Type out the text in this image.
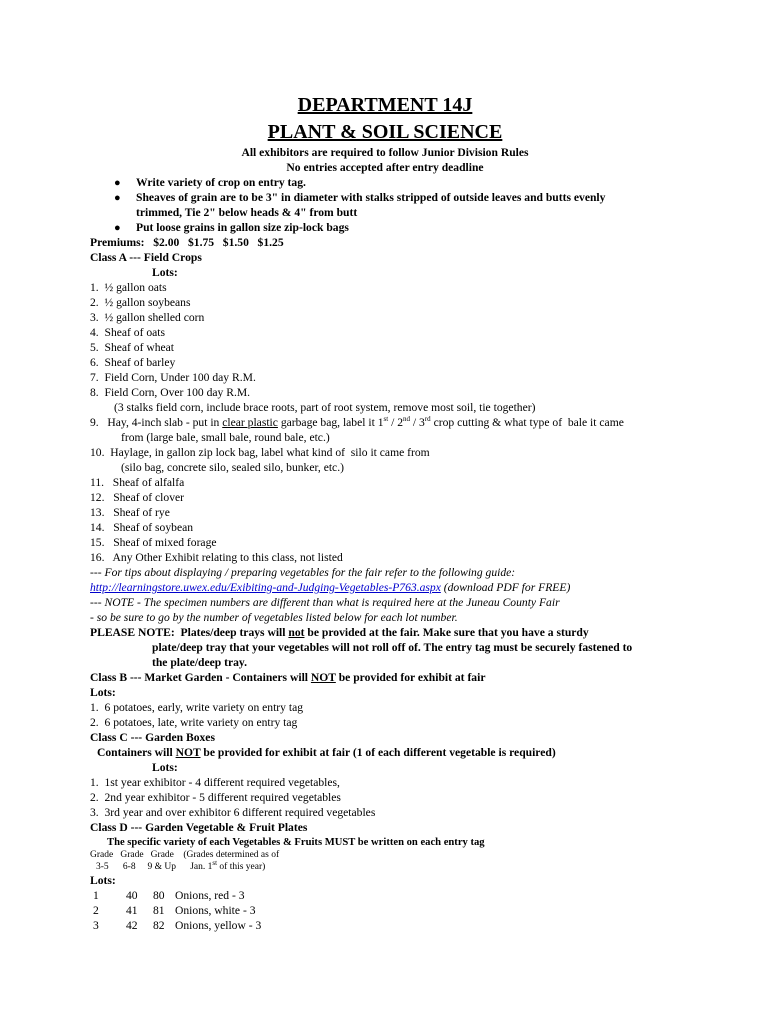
DEPARTMENT 14J
PLANT & SOIL SCIENCE
All exhibitors are required to follow Junior Division Rules
No entries accepted after entry deadline
● Write variety of crop on entry tag.
● Sheaves of grain are to be 3" in diameter with stalks stripped of outside leaves and butts evenly
trimmed, Tie 2" below heads & 4" from butt
● Put loose grains in gallon size zip-lock bags
Premiums:   $2.00   $1.75   $1.50   $1.25
Class A --- Field Crops
Lots:
1.  ½ gallon oats
2.  ½ gallon soybeans
3.  ½ gallon shelled corn
4.  Sheaf of oats
5.  Sheaf of wheat
6.  Sheaf of barley
7.  Field Corn, Under 100 day R.M.
8.  Field Corn, Over 100 day R.M.
(3 stalks field corn, include brace roots, part of root system, remove most soil, tie together)
9.   Hay, 4-inch slab - put in clear plastic garbage bag, label it 1st / 2nd / 3rd crop cutting & what type of  bale it came
from (large bale, small bale, round bale, etc.)
10.  Haylage, in gallon zip lock bag, label what kind of  silo it came from
(silo bag, concrete silo, sealed silo, bunker, etc.)
11.   Sheaf of alfalfa
12.   Sheaf of clover
13.   Sheaf of rye
14.   Sheaf of soybean
15.   Sheaf of mixed forage
16.   Any Other Exhibit relating to this class, not listed
--- For tips about displaying / preparing vegetables for the fair refer to the following guide:
http://learningstore.uwex.edu/Exibiting-and-Judging-Vegetables-P763.aspx (download PDF for FREE)
--- NOTE - The specimen numbers are different than what is required here at the Juneau County Fair
- so be sure to go by the number of vegetables listed below for each lot number.
PLEASE NOTE:  Plates/deep trays will not be provided at the fair. Make sure that you have a sturdy
plate/deep tray that your vegetables will not roll off of. The entry tag must be securely fastened to
the plate/deep tray.
Class B --- Market Garden - Containers will NOT be provided for exhibit at fair
Lots:
1.  6 potatoes, early, write variety on entry tag
2.  6 potatoes, late, write variety on entry tag
Class C --- Garden Boxes
Containers will NOT be provided for exhibit at fair (1 of each different vegetable is required)
Lots:
1.  1st year exhibitor - 4 different required vegetables,
2.  2nd year exhibitor - 5 different required vegetables
3.  3rd year and over exhibitor 6 different required vegetables
Class D --- Garden Vegetable & Fruit Plates
The specific variety of each Vegetables & Fruits MUST be written on each entry tag
Grade   Grade   Grade    (Grades determined as of
3-5      6-8     9 & Up      Jan. 1st of this year)
Lots:
1 40 80 Onions, red - 3
2 41 81 Onions, white - 3
3 42 82 Onions, yellow - 3
